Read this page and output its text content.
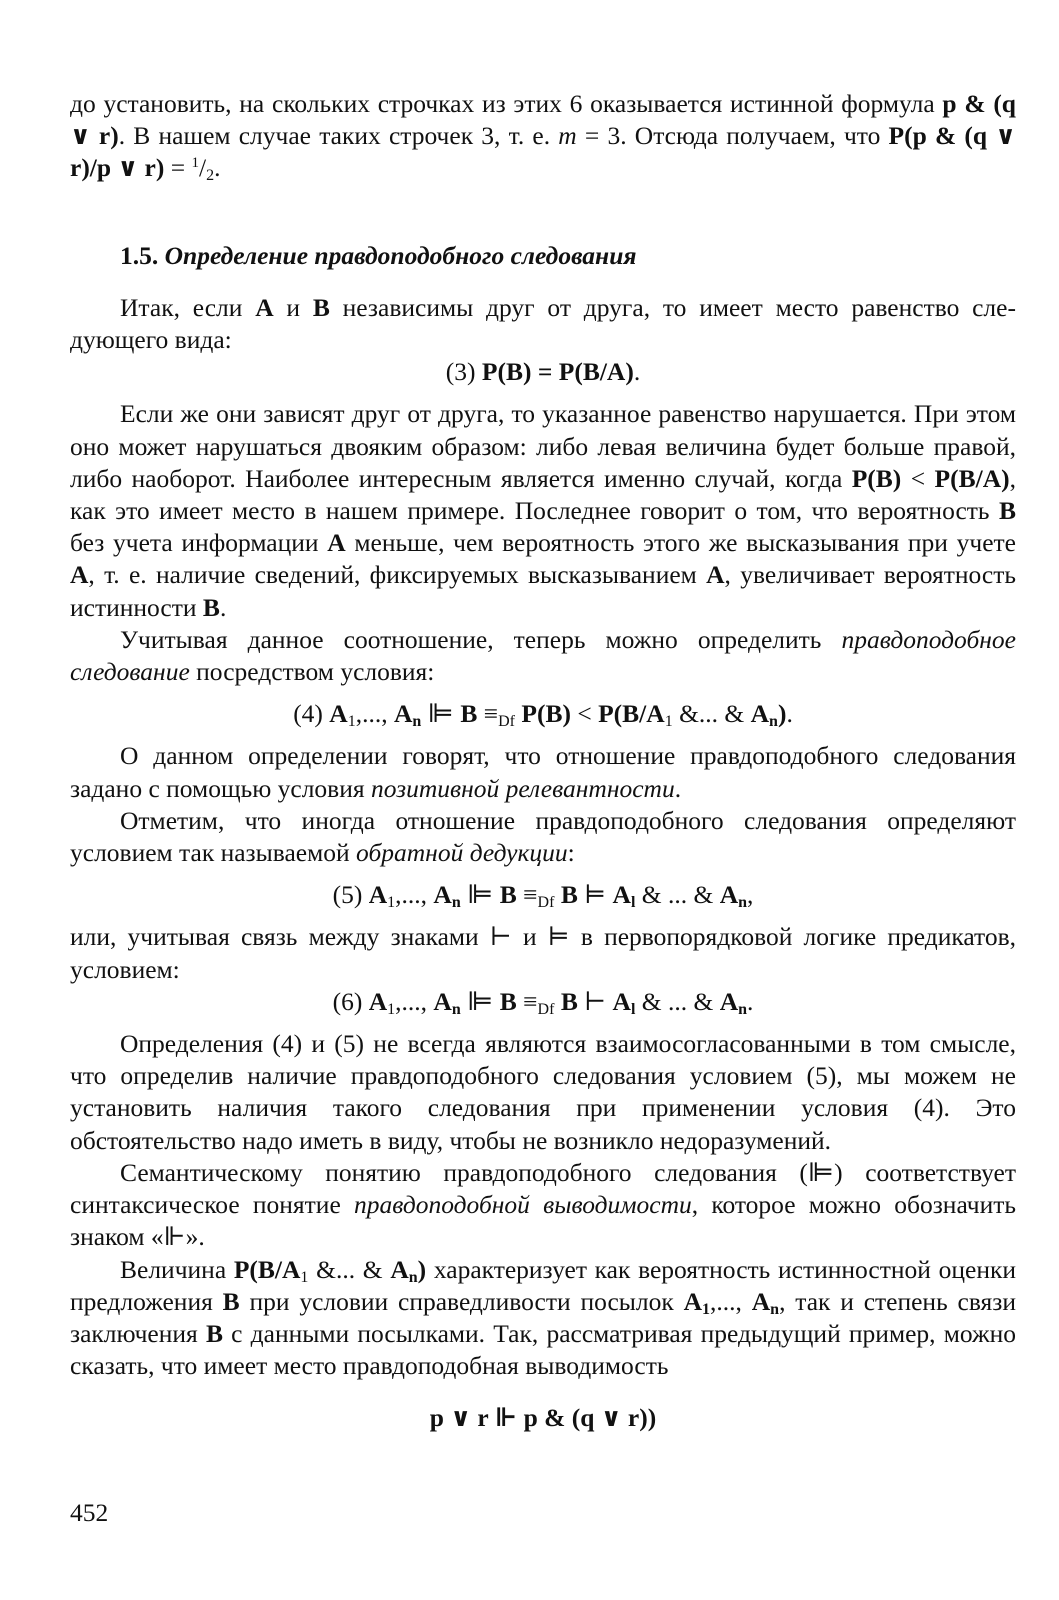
до установить, на скольких строчках из этих 6 оказывается истинной формула p & (q ∨ r). В нашем случае таких строчек 3, т. е. m = 3. Отсюда получаем, что P(p & (q ∨ r)/p ∨ $r) = ^1/_2$.

1.5. Определение правдоподобного следования

Итак, если A и B независимы друг от друга, то имеет место равенство следующего вида:

(3) P(B) = P(B/A).

Если же они зависят друг от друга, то указанное равенство нарушается. При этом оно может нарушаться двояким образом: либо левая величина будет больше правой, либо наоборот. Наиболее интересным является именно случай, когда P(B) < P(B/A), как это имеет место в нашем примере. Последнее говорит о том, что вероятность B без учета информации A меньше, чем вероятность этого же высказывания при учете A, т. е. наличие сведений, фиксируемых высказыванием A, увеличивает вероятность истинности B.

Учитывая данное соотношение, теперь можно определить правдоподобное следование посредством условия:

(4) $A_1$,..., $A_n$ ⊫ $B \equiv_{Df}$ $P(B) < P(B/A_1$ &... & $A_n$).

О данном определении говорят, что отношение правдоподобного следования задано с помощью условия позитивной релевантности.

Отметим, что иногда отношение правдоподобного следования определяют условием так называемой обратной дедукции:

(5) $A_1$,..., $A_n$ ⊫ $B \equiv_{Df}$ B ⊨ $A_l$ & ... & $A_n$,

или, учитывая связь между знаками ⊢ и ⊨ в первопорядковой логике предикатов, условием:

(6) $A_1$,..., $A_n$ ⊫ $B \equiv_{Df}$ B ⊢ $A_l$ & ... & $A_n$.

Определения (4) и (5) не всегда являются взаимосогласованными в том смысле, что определив наличие правдоподобного следования условием (5), мы можем не установить наличия такого следования при применении условия (4). Это обстоятельство надо иметь в виду, чтобы не возникло недоразумений.

Семантическому понятию правдоподобного следования (⊫) соответствует синтаксическое понятие правдоподобной выводимости, которое можно обозначить знаком «⊩».

Величина $P(B/A_1$ &... & $A_n$) характеризует как вероятность истинностной оценки предложения B при условии справедливости посылок $A_1$,..., $A_n$, так и степень связи заключения B с данными посылками. Так, рассматривая предыдущий пример, можно сказать, что имеет место правдоподобная выводимость

p ∨ r ⊩ p & (q ∨ r))

452
